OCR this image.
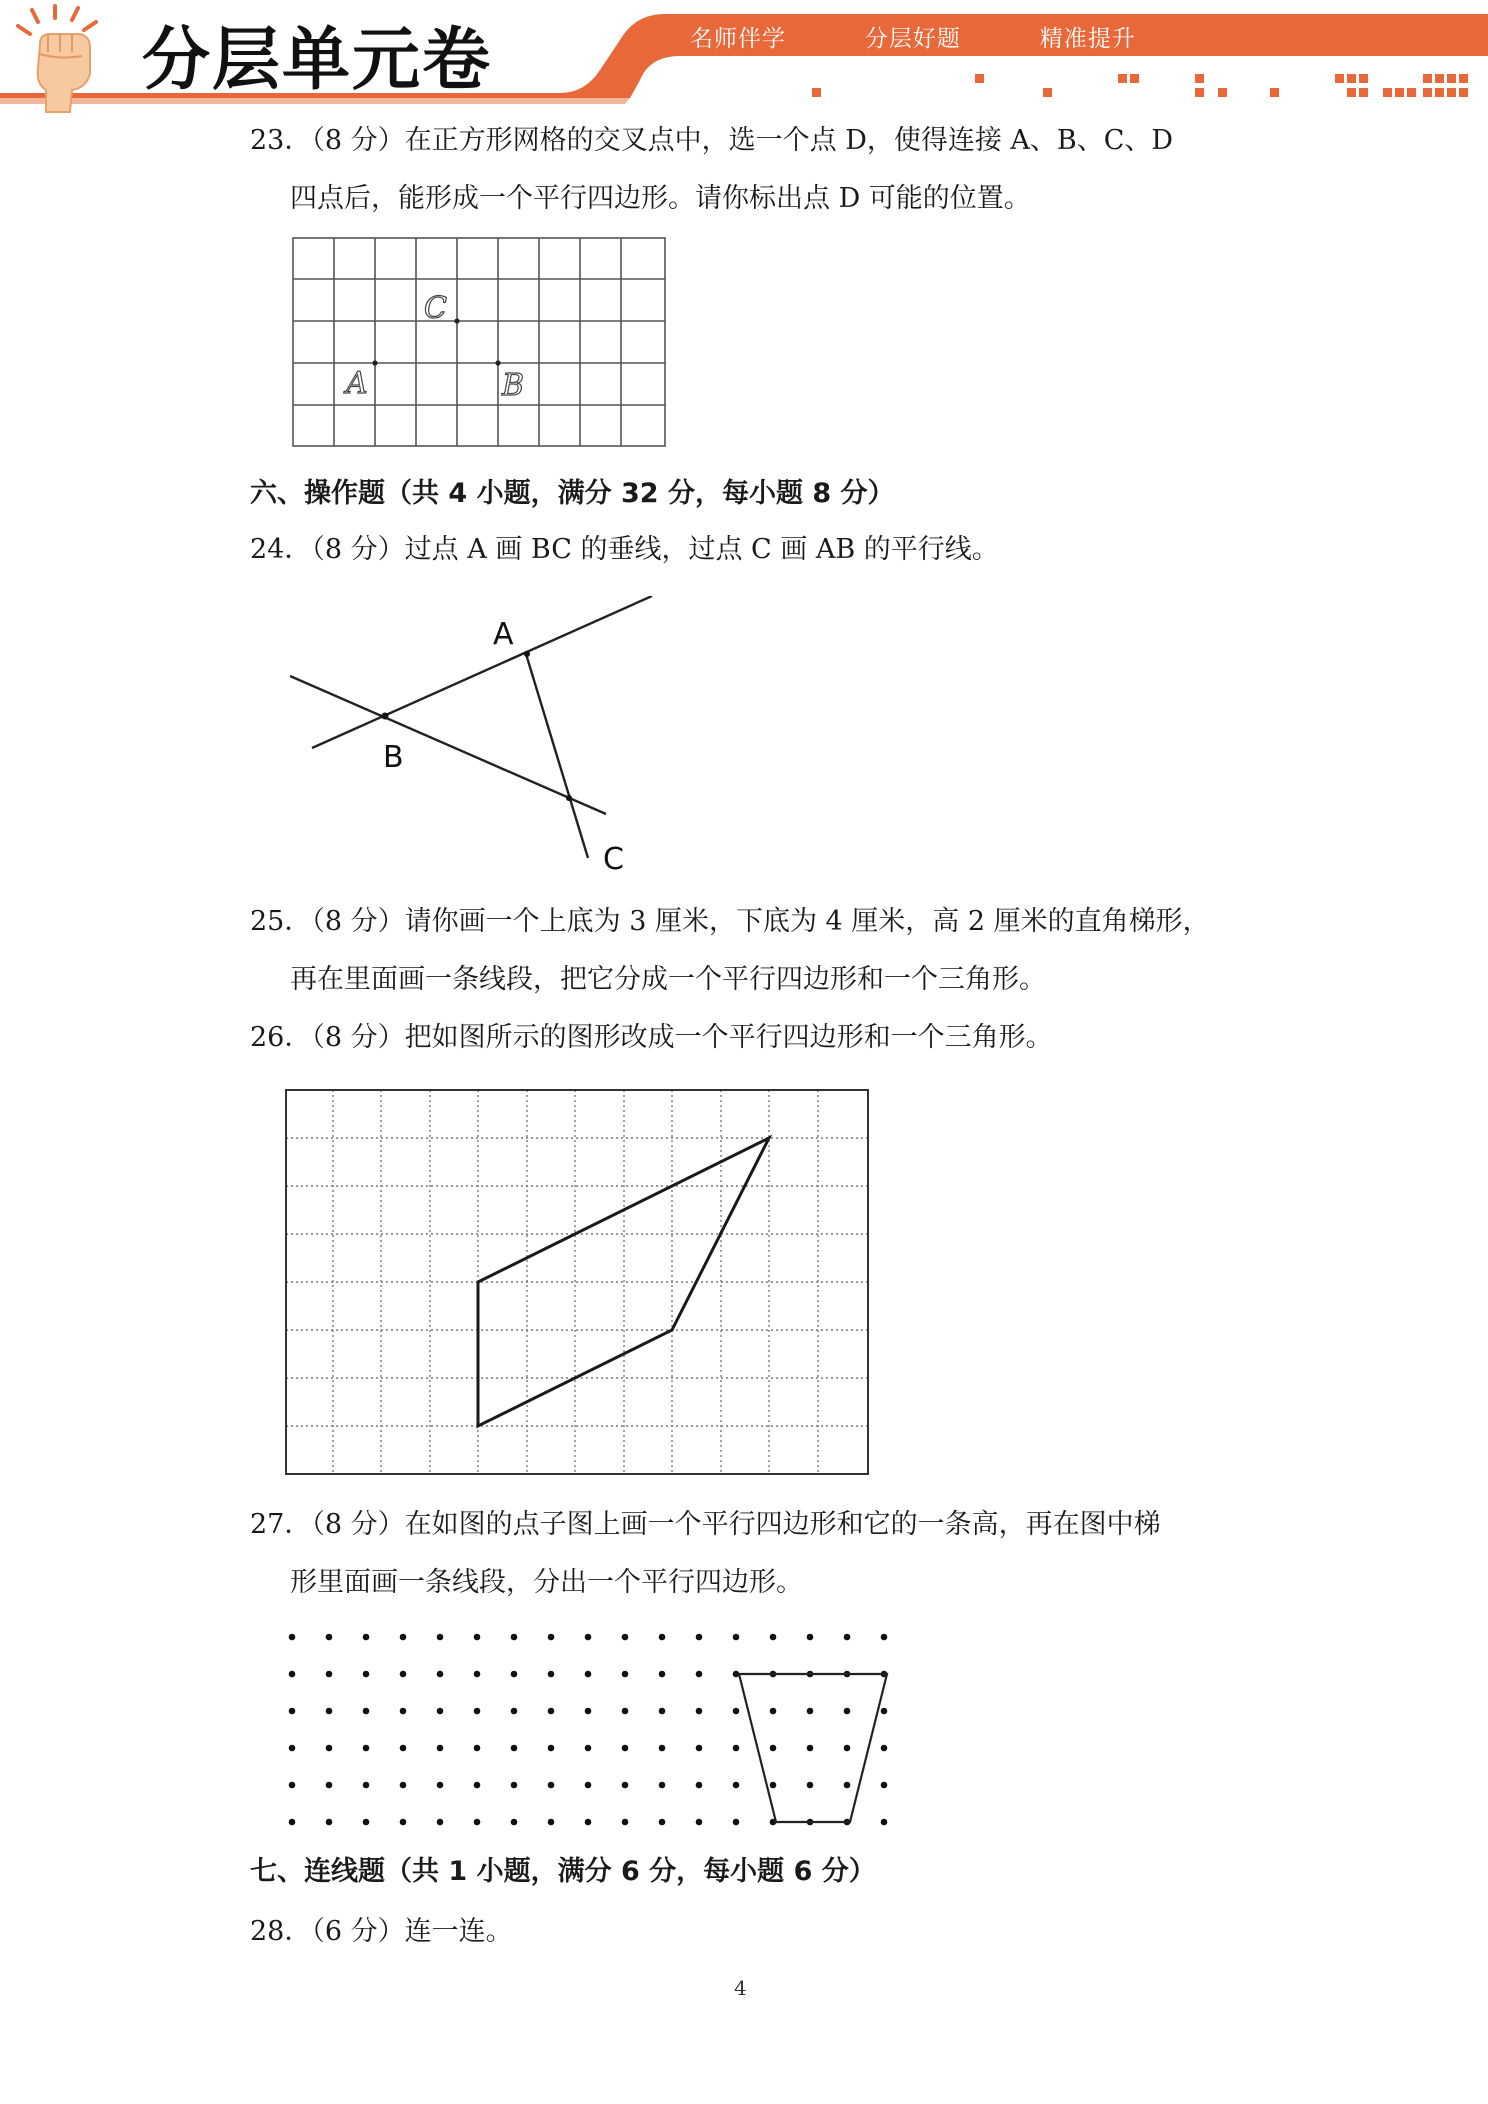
分层单元卷	名师伴学   分层好题   精准提升
23．（8 分）在正方形网格的交叉点中，选一个点 D，使得连接 A、B、C、D
四点后，能形成一个平行四边形。请你标出点 D 可能的位置。
A	B
C
六、操作题（共 4 小题，满分 32 分，每小题 8 分）
24．（8 分）过点 A 画 BC 的垂线，过点 C 画 AB 的平行线。
A
B
C
25．（8 分）请你画一个上底为 3 厘米，下底为 4 厘米，高 2 厘米的直角梯形，
再在里面画一条线段，把它分成一个平行四边形和一个三角形。
26．（8 分）把如图所示的图形改成一个平行四边形和一个三角形。
27．（8 分）在如图的点子图上画一个平行四边形和它的一条高，再在图中梯
形里面画一条线段，分出一个平行四边形。
七、连线题（共 1 小题，满分 6 分，每小题 6 分）
28．（6 分）连一连。
4
